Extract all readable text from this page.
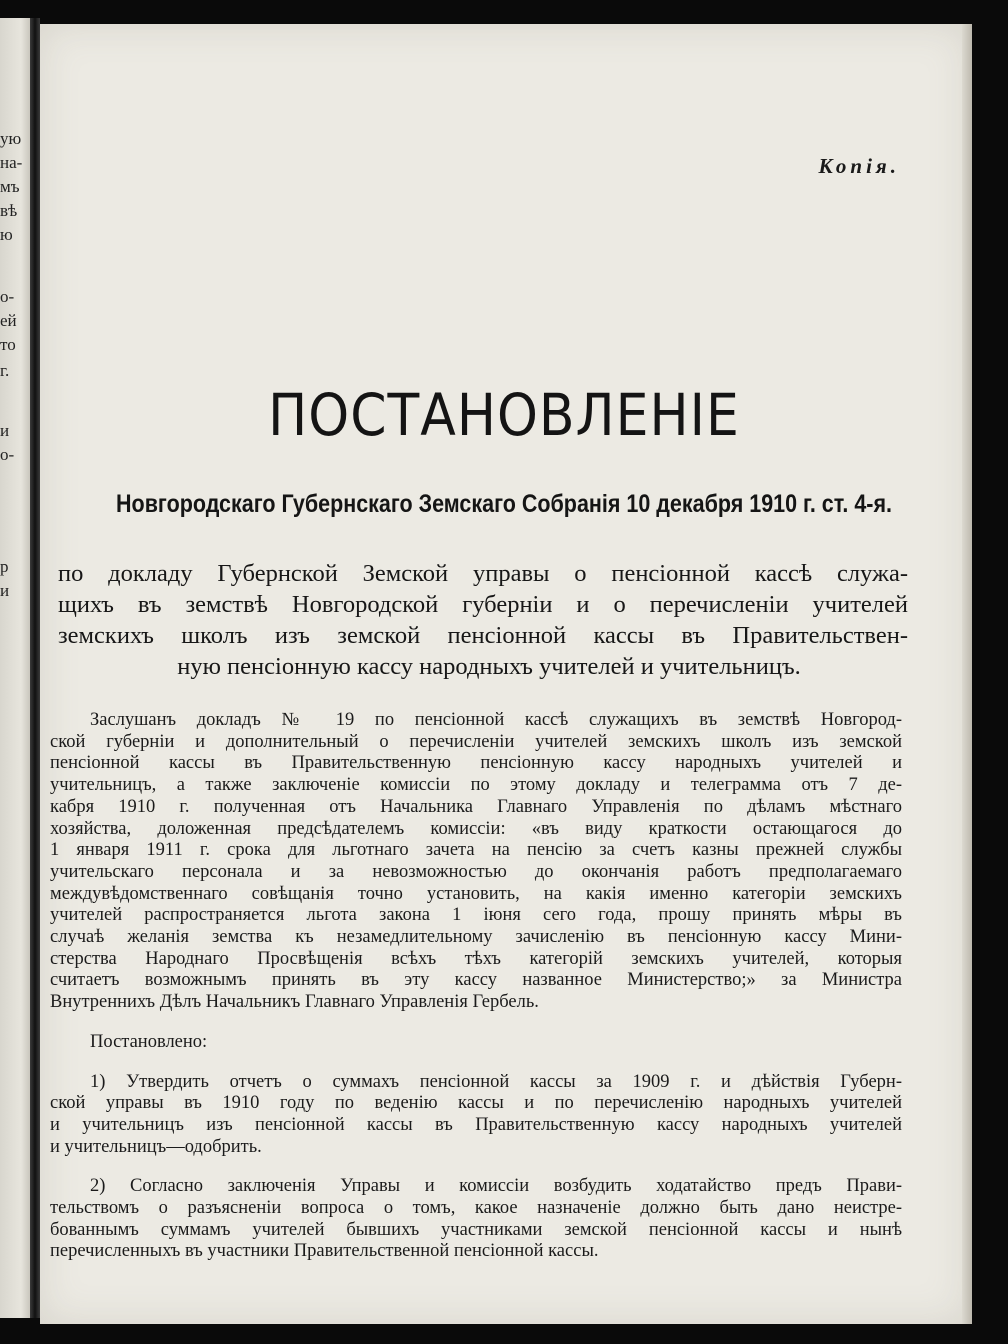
ую
на-
мъ
вѣ
ю
о-
ей
то
г.
и
о-
р
и
Копія.
ПОСТАНОВЛЕНІЕ
Новгородскаго Губернскаго Земскаго Собранія 10 декабря 1910 г. ст. 4-я.
по докладу Губернской Земской управы о пенсіонной кассѣ служа-
щихъ въ земствѣ Новгородской губерніи и о перечисленіи учителей
земскихъ школъ изъ земской пенсіонной кассы въ Правительствен-
ную пенсіонную кассу народныхъ учителей и учительницъ.
Заслушанъ докладъ № 19 по пенсіонной кассѣ служащихъ въ земствѣ Новгород-
ской губерніи и дополнительный о перечисленіи учителей земскихъ школъ изъ земской
пенсіонной кассы въ Правительственную пенсіонную кассу народныхъ учителей и
учительницъ, а также заключеніе комиссіи по этому докладу и телеграмма отъ 7 де-
кабря 1910 г. полученная отъ Начальника Главнаго Управленія по дѣламъ мѣстнаго
хозяйства, доложенная предсѣдателемъ комиссіи: «въ виду краткости остающагося до
1 января 1911 г. срока для льготнаго зачета на пенсію за счетъ казны прежней службы
учительскаго персонала и за невозможностью до окончанія работъ предполагаемаго
междувѣдомственнаго совѣщанія точно установить, на какія именно категоріи земскихъ
учителей распространяется льгота закона 1 іюня сего года, прошу принять мѣры въ
случаѣ желанія земства къ незамедлительному зачисленію въ пенсіонную кассу Мини-
стерства Народнаго Просвѣщенія всѣхъ тѣхъ категорій земскихъ учителей, которыя
считаетъ возможнымъ принять въ эту кассу названное Министерство;» за Министра
Внутреннихъ Дѣлъ Начальникъ Главнаго Управленія Гербель.
Постановлено:
1) Утвердить отчетъ о суммахъ пенсіонной кассы за 1909 г. и дѣйствія Губерн-
ской управы въ 1910 году по веденію кассы и по перечисленію народныхъ учителей
и учительницъ изъ пенсіонной кассы въ Правительственную кассу народныхъ учителей
и учительницъ—одобрить.
2) Согласно заключенія Управы и комиссіи возбудить ходатайство предъ Прави-
тельствомъ о разъясненіи вопроса о томъ, какое назначеніе должно быть дано неистре-
бованнымъ суммамъ учителей бывшихъ участниками земской пенсіонной кассы и нынѣ
перечисленныхъ въ участники Правительственной пенсіонной кассы.
